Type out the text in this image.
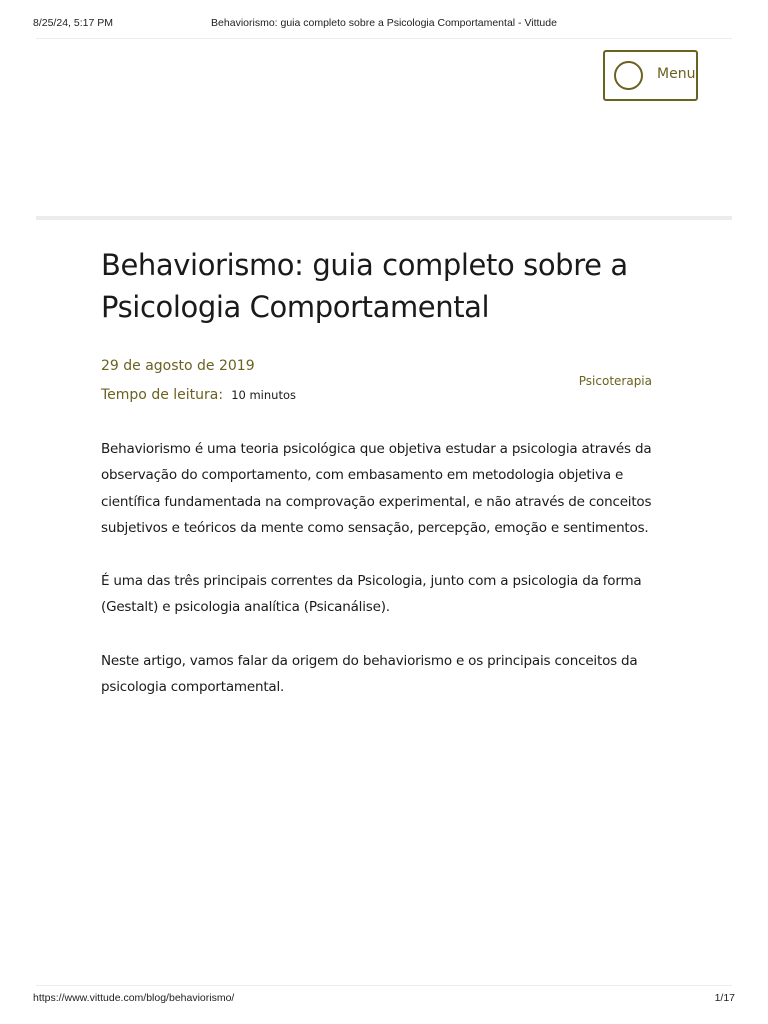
8/25/24, 5:17 PM	Behaviorismo: guia completo sobre a Psicologia Comportamental - Vittude
Menu
Behaviorismo: guia completo sobre a Psicologia Comportamental
29 de agosto de 2019
Tempo de leitura: 10 minutos
Psicoterapia

Behaviorismo é uma teoria psicológica que objetiva estudar a psicologia através da observação do comportamento, com embasamento em metodologia objetiva e científica fundamentada na comprovação experimental, e não através de conceitos subjetivos e teóricos da mente como sensação, percepção, emoção e sentimentos.

É uma das três principais correntes da Psicologia, junto com a psicologia da forma (Gestalt) e psicologia analítica (Psicanálise).

Neste artigo, vamos falar da origem do behaviorismo e os principais conceitos da psicologia comportamental.

https://www.vittude.com/blog/behaviorismo/	1/17
